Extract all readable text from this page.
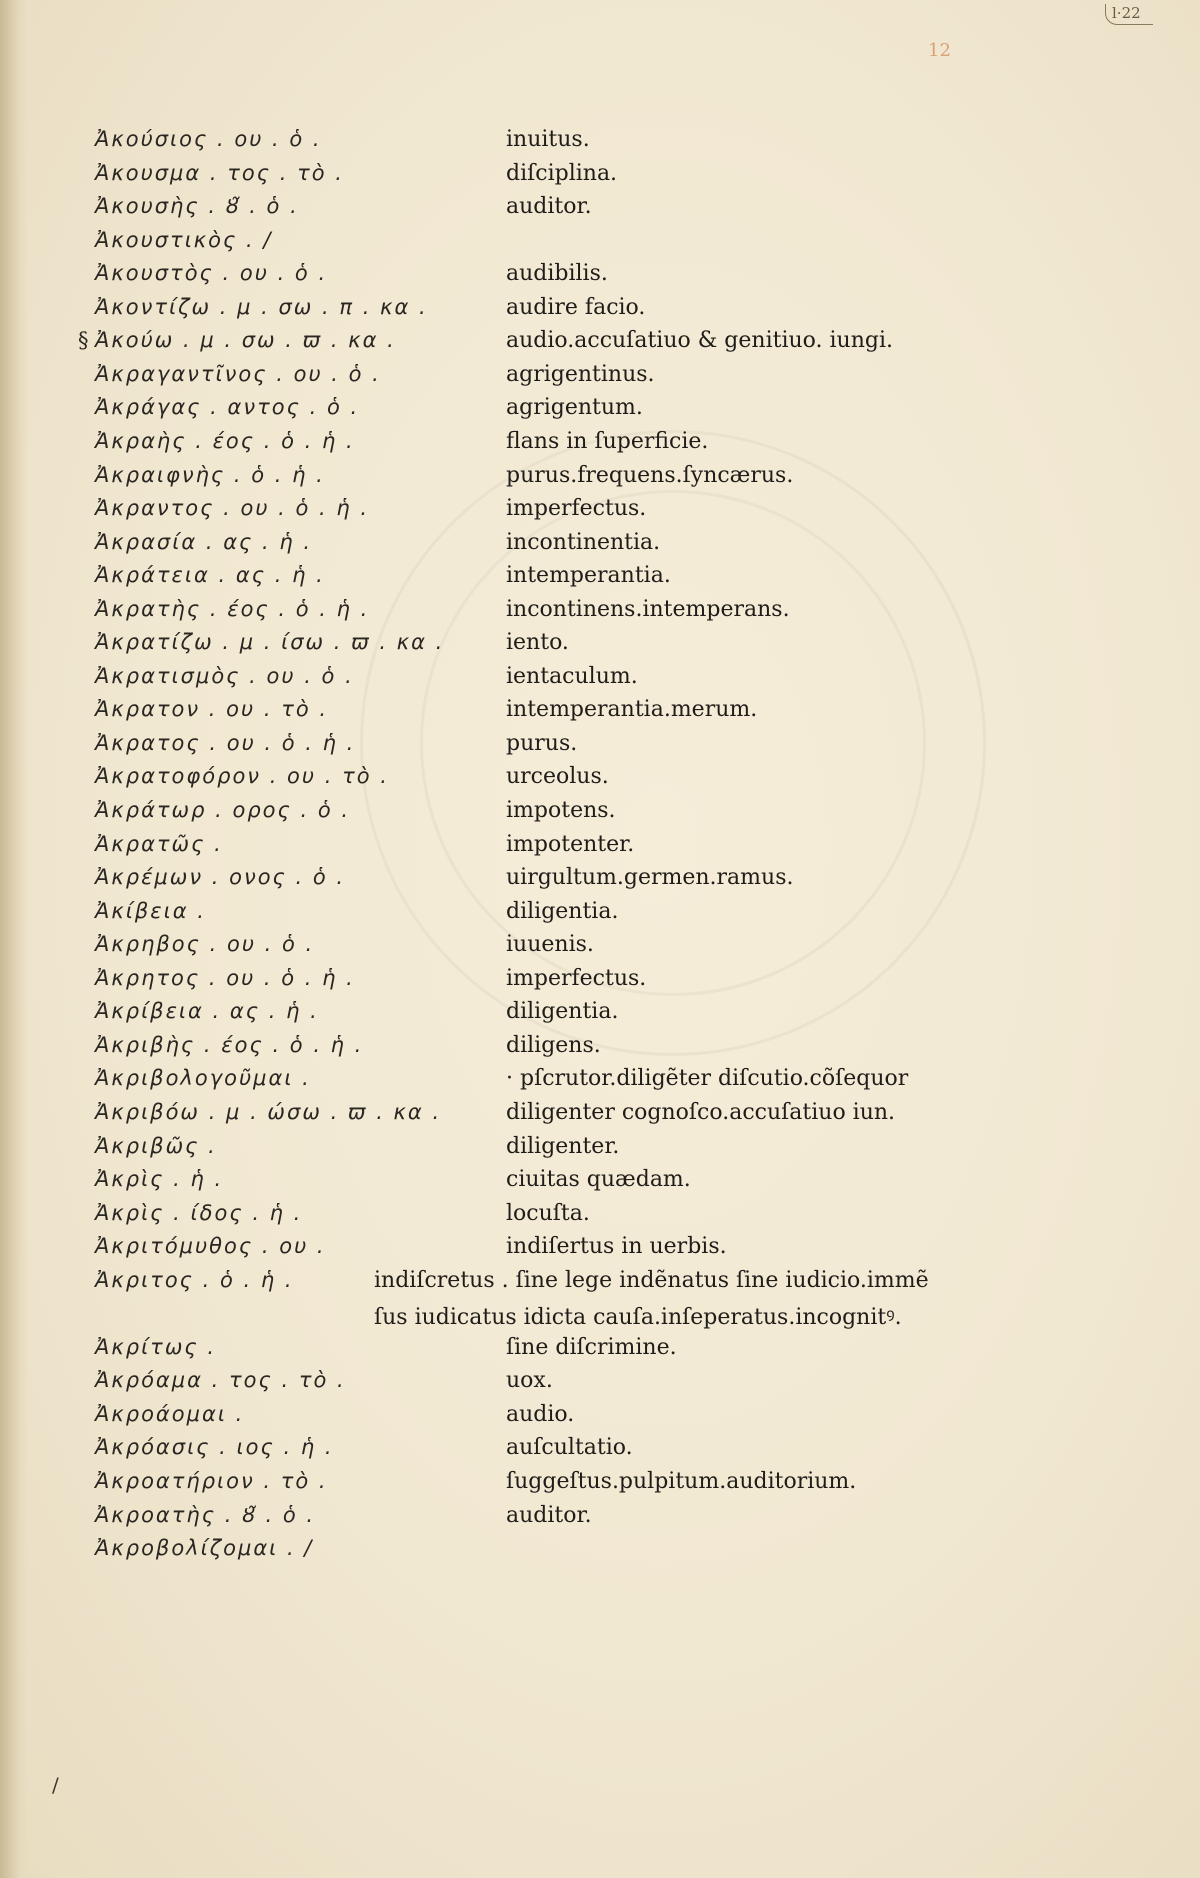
l·22
12
Ἀκούσιος . ου . ὁ .	inuitus.
Ἀκουσμα . τος . τὸ .	diſciplina.
Ἀκουσὴς . ȣ̃ . ὁ .	auditor.
Ἀκουστικὸς . /
Ἀκουστὸς . ου . ὁ .	audibilis.
Ἀκοντίζω . μ . σω . π . κα .	audire facio.
§ Ἀκούω . μ . σω . ϖ . κα .	audio.accuſatiuo & genitiuo. iungi.
Ἀκραγαντῖνος . ου . ὁ .	agrigentinus.
Ἀκράγας . αντος . ὁ .	agrigentum.
Ἀκραὴς . έος . ὁ . ἡ .	flans in ſuperficie.
Ἀκραιφνὴς . ὁ . ἡ .	purus.frequens.ſyncærus.
Ἀκραντος . ου . ὁ . ἡ .	imperfectus.
Ἀκρασία . ας . ἡ .	incontinentia.
Ἀκράτεια . ας . ἡ .	intemperantia.
Ἀκρατὴς . έος . ὁ . ἡ .	incontinens.intemperans.
Ἀκρατίζω . μ . ίσω . ϖ . κα .	iento.
Ἀκρατισμὸς . ου . ὁ .	ientaculum.
Ἀκρατον . ου . τὸ .	intemperantia.merum.
Ἀκρατος . ου . ὁ . ἡ .	purus.
Ἀκρατοφόρον . ου . τὸ .	urceolus.
Ἀκράτωρ . ορος . ὁ .	impotens.
Ἀκρατῶς .	impotenter.
Ἀκρέμων . ονος . ὁ .	uirgultum.germen.ramus.
Ἀκίβεια .	diligentia.
Ἀκρηβος . ου . ὁ .	iuuenis.
Ἀκρητος . ου . ὁ . ἡ .	imperfectus.
Ἀκρίβεια . ας . ἡ .	diligentia.
Ἀκριβὴς . έος . ὁ . ἡ .	diligens.
Ἀκριβολογοῦμαι .	· pſcrutor.diligẽter diſcutio.cõſequor
Ἀκριβόω . μ . ώσω . ϖ . κα .	diligenter cognoſco.accuſatiuo iun.
Ἀκριβῶς .	diligenter.
Ἀκρὶς . ἡ .	ciuitas quædam.
Ἀκρὶς . ίδος . ἡ .	locuſta.
Ἀκριτόμυθος . ου .	indiſertus in uerbis.
Ἀκριτος . ὁ . ἡ .	indiſcretus . ſine lege indẽnatus ſine iudicio.immẽ
ſus iudicatus idicta cauſa.inſeperatus.incognitꝰ.
Ἀκρίτως .	ſine diſcrimine.
Ἀκρόαμα . τος . τὸ .	uox.
Ἀκροάομαι .	audio.
Ἀκρόασις . ιος . ἡ .	auſcultatio.
Ἀκροατήριον . τὸ .	ſuggeſtus.pulpitum.auditorium.
Ἀκροατὴς . ȣ̃ . ὁ .	auditor.
Ἀκροβολίζομαι . /
/
